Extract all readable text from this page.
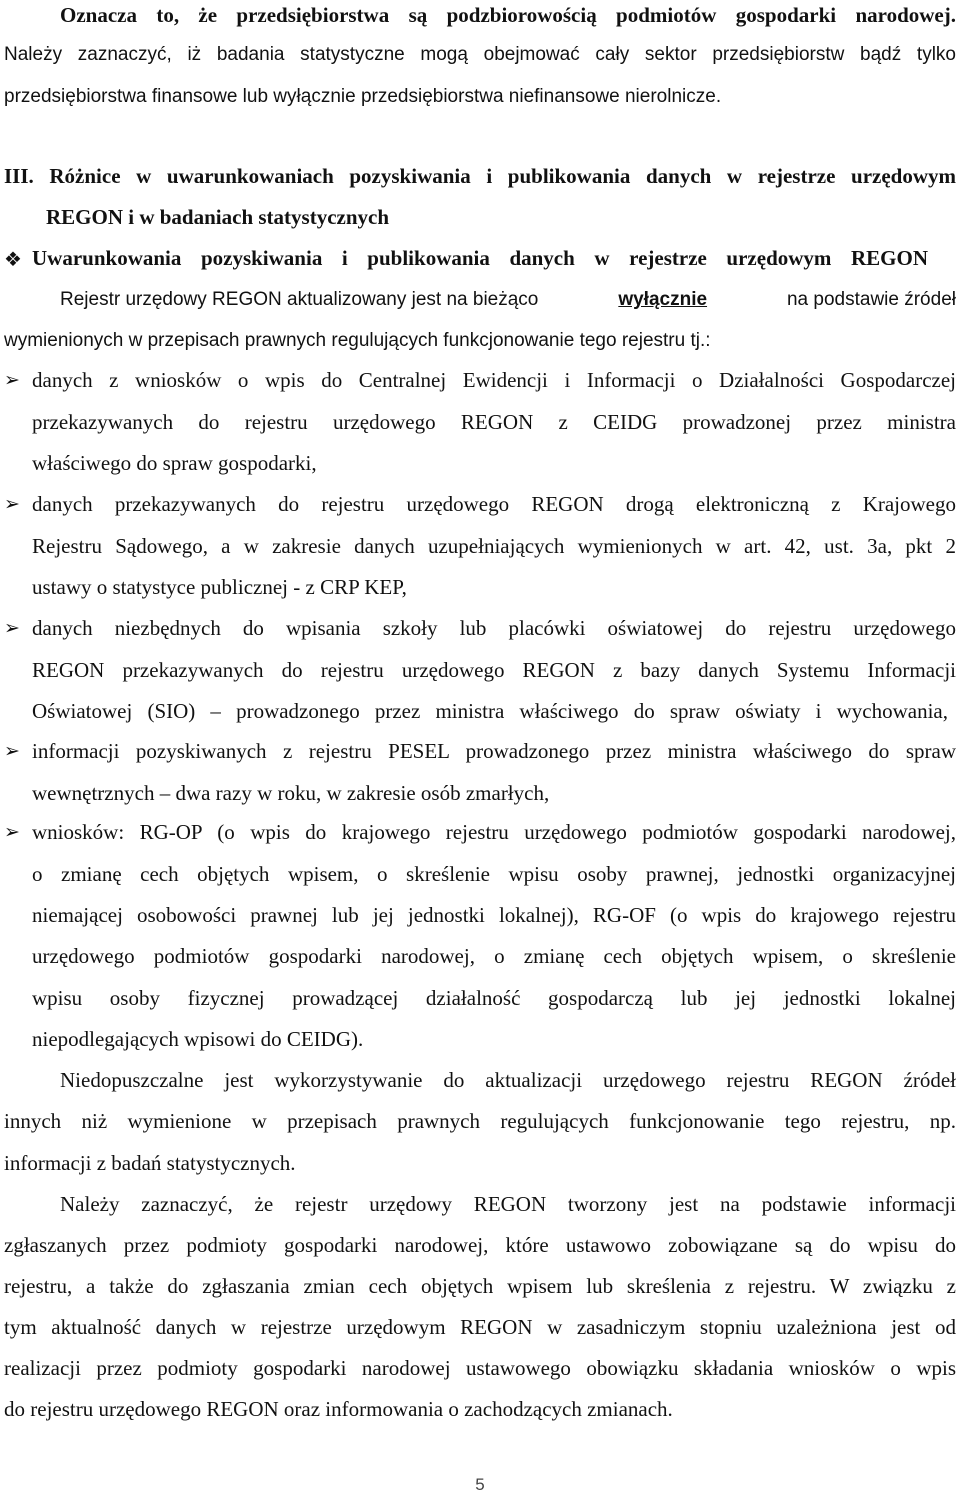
Oznacza to, że przedsiębiorstwa są podzbiorowością podmiotów gospodarki narodowej.

Należy zaznaczyć, iż badania statystyczne mogą obejmować cały sektor przedsiębiorstw bądź tylko

przedsiębiorstwa finansowe lub wyłącznie przedsiębiorstwa niefinansowe nierolnicze.

III. Różnice w uwarunkowaniach pozyskiwania i publikowania danych w rejestrze urzędowym

REGON i w badaniach statystycznych

❖ Uwarunkowania pozyskiwania i publikowania danych w rejestrze urzędowym REGON

Rejestr urzędowy REGON aktualizowany jest na bieżąco	wyłącznie	na podstawie źródeł

wymienionych w przepisach prawnych regulujących funkcjonowanie tego rejestru tj.:

➢ danych z wniosków o wpis do Centralnej Ewidencji i Informacji o Działalności Gospodarczej

przekazywanych do rejestru urzędowego REGON z CEIDG prowadzonej przez ministra

właściwego do spraw gospodarki,

➢ danych przekazywanych do rejestru urzędowego REGON drogą elektroniczną z Krajowego

Rejestru Sądowego, a w zakresie danych uzupełniających wymienionych w art. 42, ust. 3a, pkt 2

ustawy o statystyce publicznej - z CRP KEP,

➢ danych niezbędnych do wpisania szkoły lub placówki oświatowej do rejestru urzędowego

REGON przekazywanych do rejestru urzędowego REGON z bazy danych Systemu Informacji

Oświatowej (SIO) – prowadzonego przez ministra właściwego do spraw oświaty i wychowania,

➢ informacji pozyskiwanych z rejestru PESEL prowadzonego przez ministra właściwego do spraw

wewnętrznych – dwa razy w roku, w zakresie osób zmarłych,

➢ wniosków: RG-OP (o wpis do krajowego rejestru urzędowego podmiotów gospodarki narodowej,

o zmianę cech objętych wpisem, o skreślenie wpisu osoby prawnej, jednostki organizacyjnej

niemającej osobowości prawnej lub jej jednostki lokalnej), RG-OF (o wpis do krajowego rejestru

urzędowego podmiotów gospodarki narodowej, o zmianę cech objętych wpisem, o skreślenie

wpisu osoby fizycznej prowadzącej działalność gospodarczą lub jej jednostki lokalnej

niepodlegających wpisowi do CEIDG).

Niedopuszczalne jest wykorzystywanie do aktualizacji urzędowego rejestru REGON źródeł

innych niż wymienione w przepisach prawnych regulujących funkcjonowanie tego rejestru, np.

informacji z badań statystycznych.

Należy zaznaczyć, że rejestr urzędowy REGON tworzony jest na podstawie informacji

zgłaszanych przez podmioty gospodarki narodowej, które ustawowo zobowiązane są do wpisu do

rejestru, a także do zgłaszania zmian cech objętych wpisem lub skreślenia z rejestru. W związku z

tym aktualność danych w rejestrze urzędowym REGON w zasadniczym stopniu uzależniona jest od

realizacji przez podmioty gospodarki narodowej ustawowego obowiązku składania wniosków o wpis

do rejestru urzędowego REGON oraz informowania o zachodzących zmianach.

5
